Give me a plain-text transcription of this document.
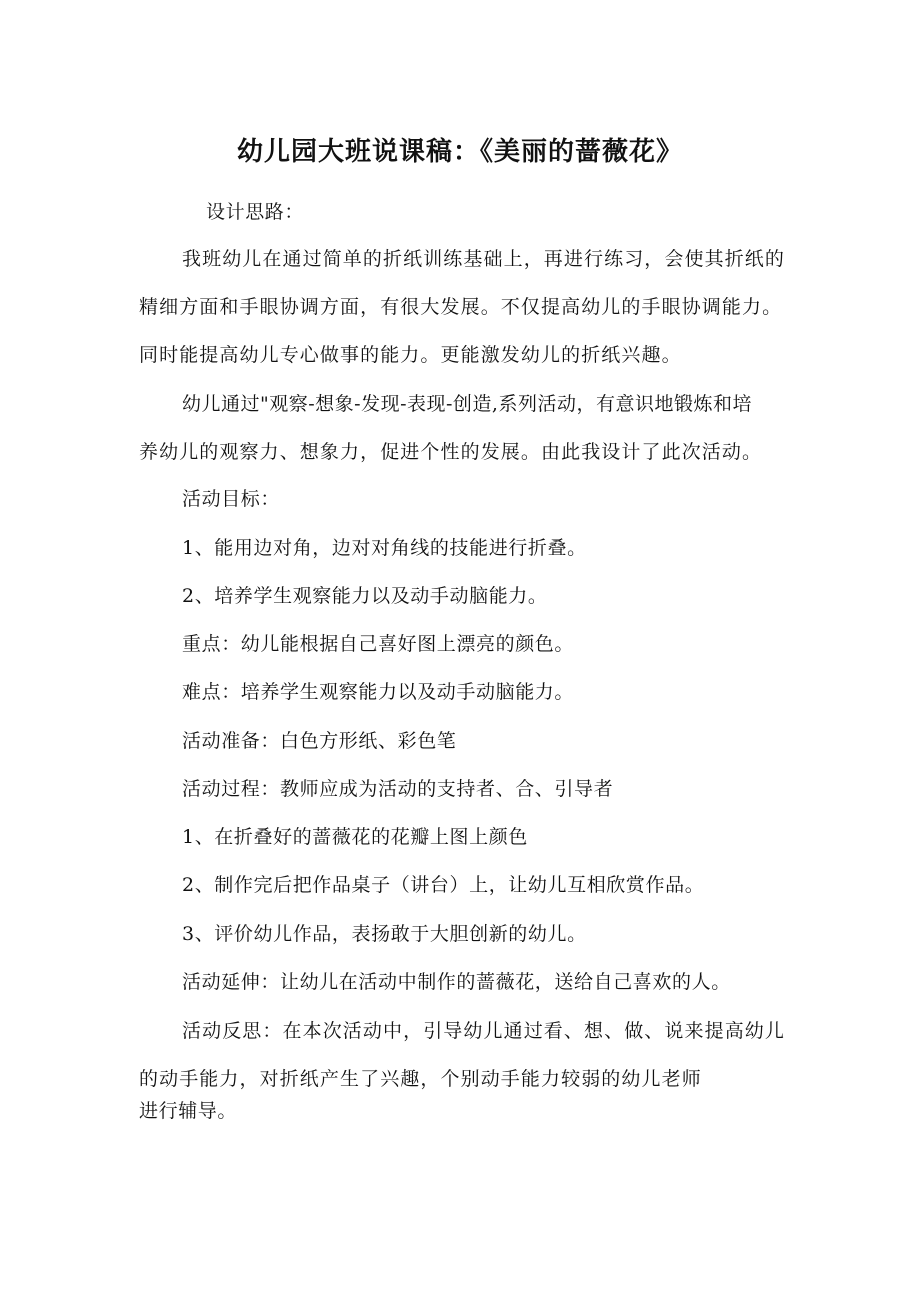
幼儿园大班说课稿：《美丽的蔷薇花》
设计思路：
我班幼儿在通过简单的折纸训练基础上，再进行练习，会使其折纸的
精细方面和手眼协调方面，有很大发展。不仅提高幼儿的手眼协调能力。
同时能提高幼儿专心做事的能力。更能激发幼儿的折纸兴趣。
幼儿通过"观察-想象-发现-表现-创造,系列活动，有意识地锻炼和培
养幼儿的观察力、想象力，促进个性的发展。由此我设计了此次活动。
活动目标：
1、能用边对角，边对对角线的技能进行折叠。
2、培养学生观察能力以及动手动脑能力。
重点：幼儿能根据自己喜好图上漂亮的颜色。
难点：培养学生观察能力以及动手动脑能力。
活动准备：白色方形纸、彩色笔
活动过程：教师应成为活动的支持者、合、引导者
1、在折叠好的蔷薇花的花瓣上图上颜色
2、制作完后把作品桌子（讲台）上，让幼儿互相欣赏作品。
3、评价幼儿作品，表扬敢于大胆创新的幼儿。
活动延伸：让幼儿在活动中制作的蔷薇花，送给自己喜欢的人。
活动反思：在本次活动中，引导幼儿通过看、想、做、说来提高幼儿
的动手能力，对折纸产生了兴趣，个别动手能力较弱的幼儿老师
进行辅导。
